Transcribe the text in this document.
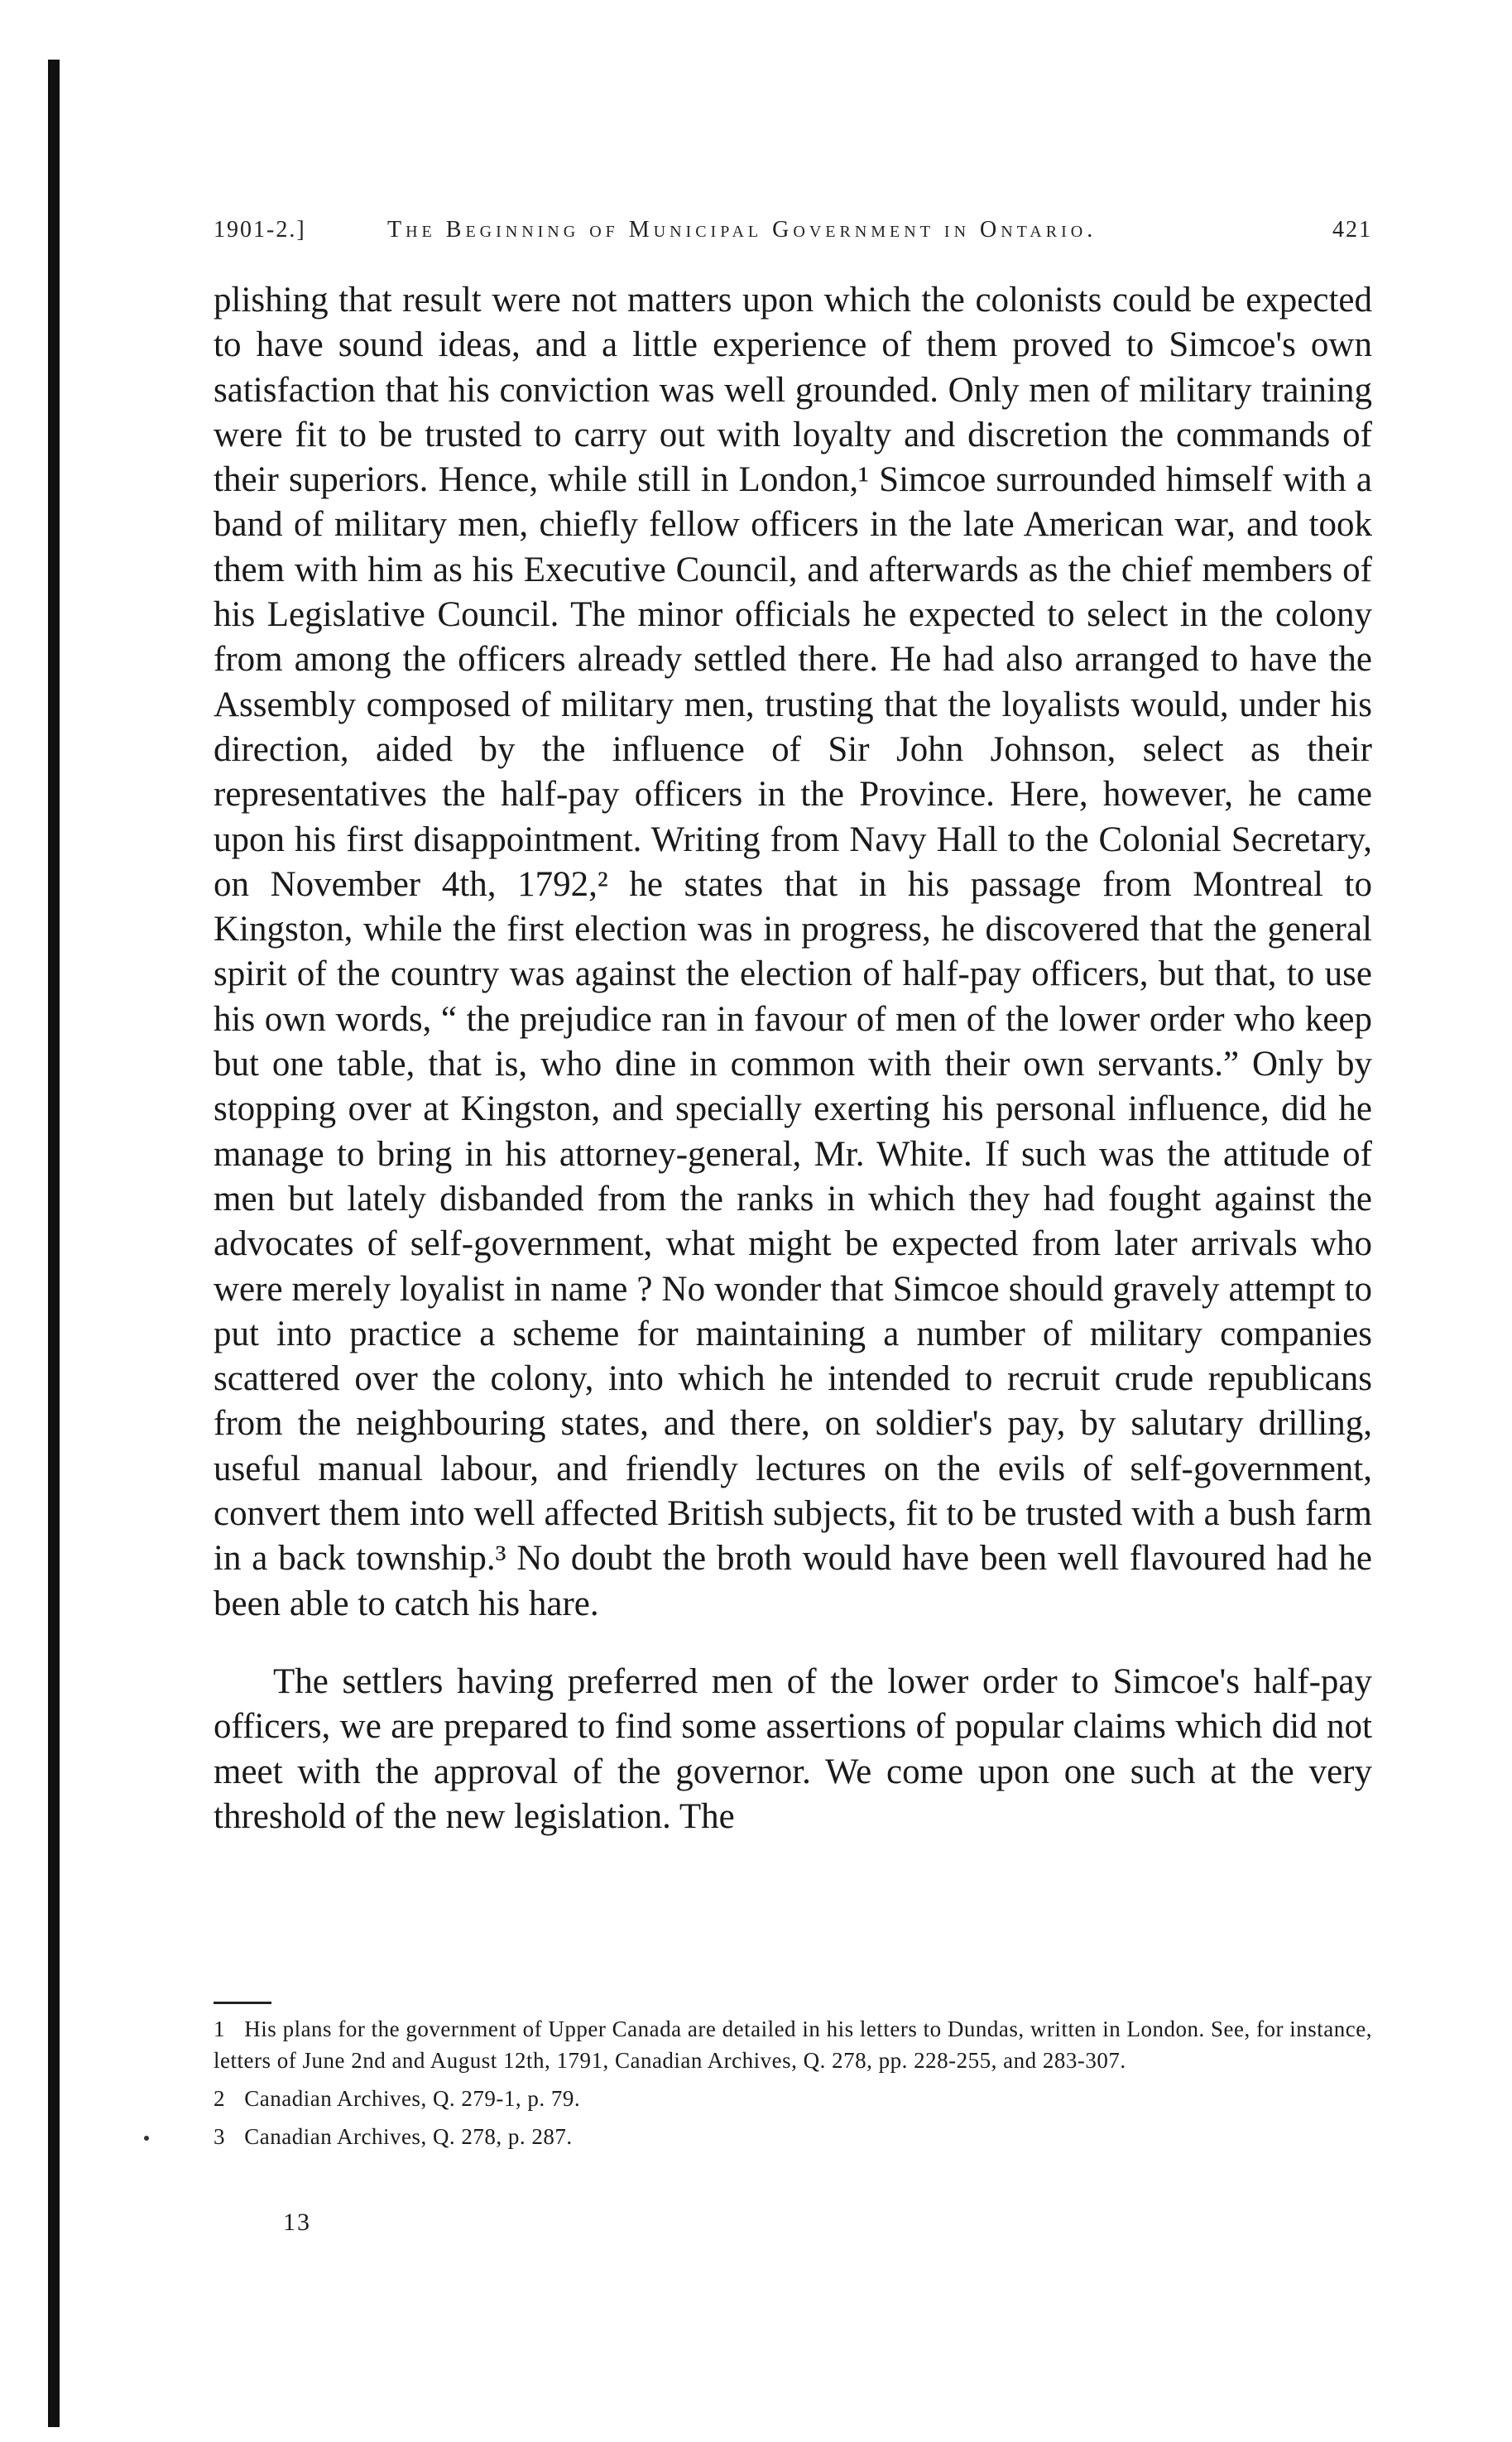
1901-2.]	The Beginning of Municipal Government in Ontario.	421

plishing that result were not matters upon which the colonists could be expected to have sound ideas, and a little experience of them proved to Simcoe's own satisfaction that his conviction was well grounded. Only men of military training were fit to be trusted to carry out with loyalty and discretion the commands of their superiors. Hence, while still in London,¹ Simcoe surrounded himself with a band of military men, chiefly fellow officers in the late American war, and took them with him as his Executive Council, and afterwards as the chief members of his Legislative Council. The minor officials he expected to select in the colony from among the officers already settled there. He had also arranged to have the Assembly composed of military men, trusting that the loyalists would, under his direction, aided by the influence of Sir John Johnson, select as their representatives the half-pay officers in the Province. Here, however, he came upon his first disappointment. Writing from Navy Hall to the Colonial Secretary, on November 4th, 1792,² he states that in his passage from Montreal to Kingston, while the first election was in progress, he discovered that the general spirit of the country was against the election of half-pay officers, but that, to use his own words, “ the prejudice ran in favour of men of the lower order who keep but one table, that is, who dine in common with their own servants.” Only by stopping over at Kingston, and specially exerting his personal influence, did he manage to bring in his attorney-general, Mr. White. If such was the attitude of men but lately disbanded from the ranks in which they had fought against the advocates of self-government, what might be expected from later arrivals who were merely loyalist in name ? No wonder that Simcoe should gravely attempt to put into practice a scheme for maintaining a number of military companies scattered over the colony, into which he intended to recruit crude republicans from the neighbouring states, and there, on soldier's pay, by salutary drilling, useful manual labour, and friendly lectures on the evils of self-government, convert them into well affected British subjects, fit to be trusted with a bush farm in a back township.³ No doubt the broth would have been well flavoured had he been able to catch his hare.

The settlers having preferred men of the lower order to Simcoe's half-pay officers, we are prepared to find some assertions of popular claims which did not meet with the approval of the governor. We come upon one such at the very threshold of the new legislation. The

1 His plans for the government of Upper Canada are detailed in his letters to Dundas, written in London. See, for instance, letters of June 2nd and August 12th, 1791, Canadian Archives, Q. 278, pp. 228-255, and 283-307.

2 Canadian Archives, Q. 279-1, p. 79.

3 Canadian Archives, Q. 278, p. 287.

13
